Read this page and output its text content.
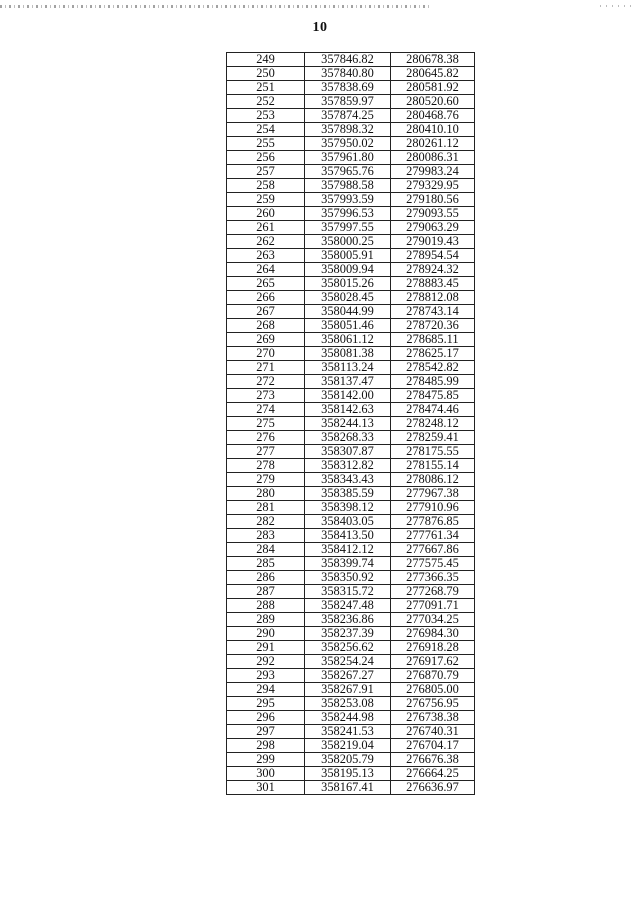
10
249	357846.82	280678.38
250	357840.80	280645.82
251	357838.69	280581.92
252	357859.97	280520.60
253	357874.25	280468.76
254	357898.32	280410.10
255	357950.02	280261.12
256	357961.80	280086.31
257	357965.76	279983.24
258	357988.58	279329.95
259	357993.59	279180.56
260	357996.53	279093.55
261	357997.55	279063.29
262	358000.25	279019.43
263	358005.91	278954.54
264	358009.94	278924.32
265	358015.26	278883.45
266	358028.45	278812.08
267	358044.99	278743.14
268	358051.46	278720.36
269	358061.12	278685.11
270	358081.38	278625.17
271	358113.24	278542.82
272	358137.47	278485.99
273	358142.00	278475.85
274	358142.63	278474.46
275	358244.13	278248.12
276	358268.33	278259.41
277	358307.87	278175.55
278	358312.82	278155.14
279	358343.43	278086.12
280	358385.59	277967.38
281	358398.12	277910.96
282	358403.05	277876.85
283	358413.50	277761.34
284	358412.12	277667.86
285	358399.74	277575.45
286	358350.92	277366.35
287	358315.72	277268.79
288	358247.48	277091.71
289	358236.86	277034.25
290	358237.39	276984.30
291	358256.62	276918.28
292	358254.24	276917.62
293	358267.27	276870.79
294	358267.91	276805.00
295	358253.08	276756.95
296	358244.98	276738.38
297	358241.53	276740.31
298	358219.04	276704.17
299	358205.79	276676.38
300	358195.13	276664.25
301	358167.41	276636.97
